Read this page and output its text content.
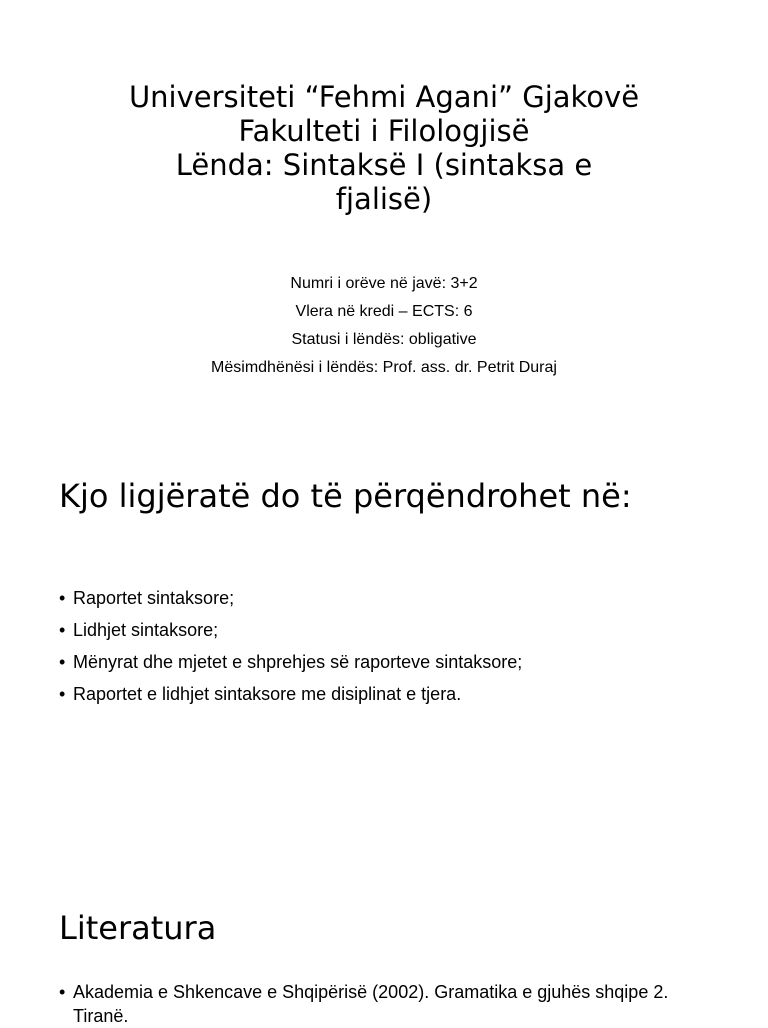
Universiteti “Fehmi Agani” Gjakovë
Fakulteti i Filologjisë
Lënda: Sintaksë I (sintaksa e
fjalisë)
Numri i orëve në javë: 3+2
Vlera në kredi – ECTS: 6
Statusi i lëndës: obligative
Mësimdhënësi i lëndës: Prof. ass. dr. Petrit Duraj
Kjo ligjëratë do të përqëndrohet në:
• Raportet sintaksore;
• Lidhjet sintaksore;
• Mënyrat dhe mjetet e shprehjes së raporteve sintaksore;
• Raportet e lidhjet sintaksore me disiplinat e tjera.
Literatura
• Akademia e Shkencave e Shqipërisë (2002). Gramatika e gjuhës shqipe 2. Tiranë.
